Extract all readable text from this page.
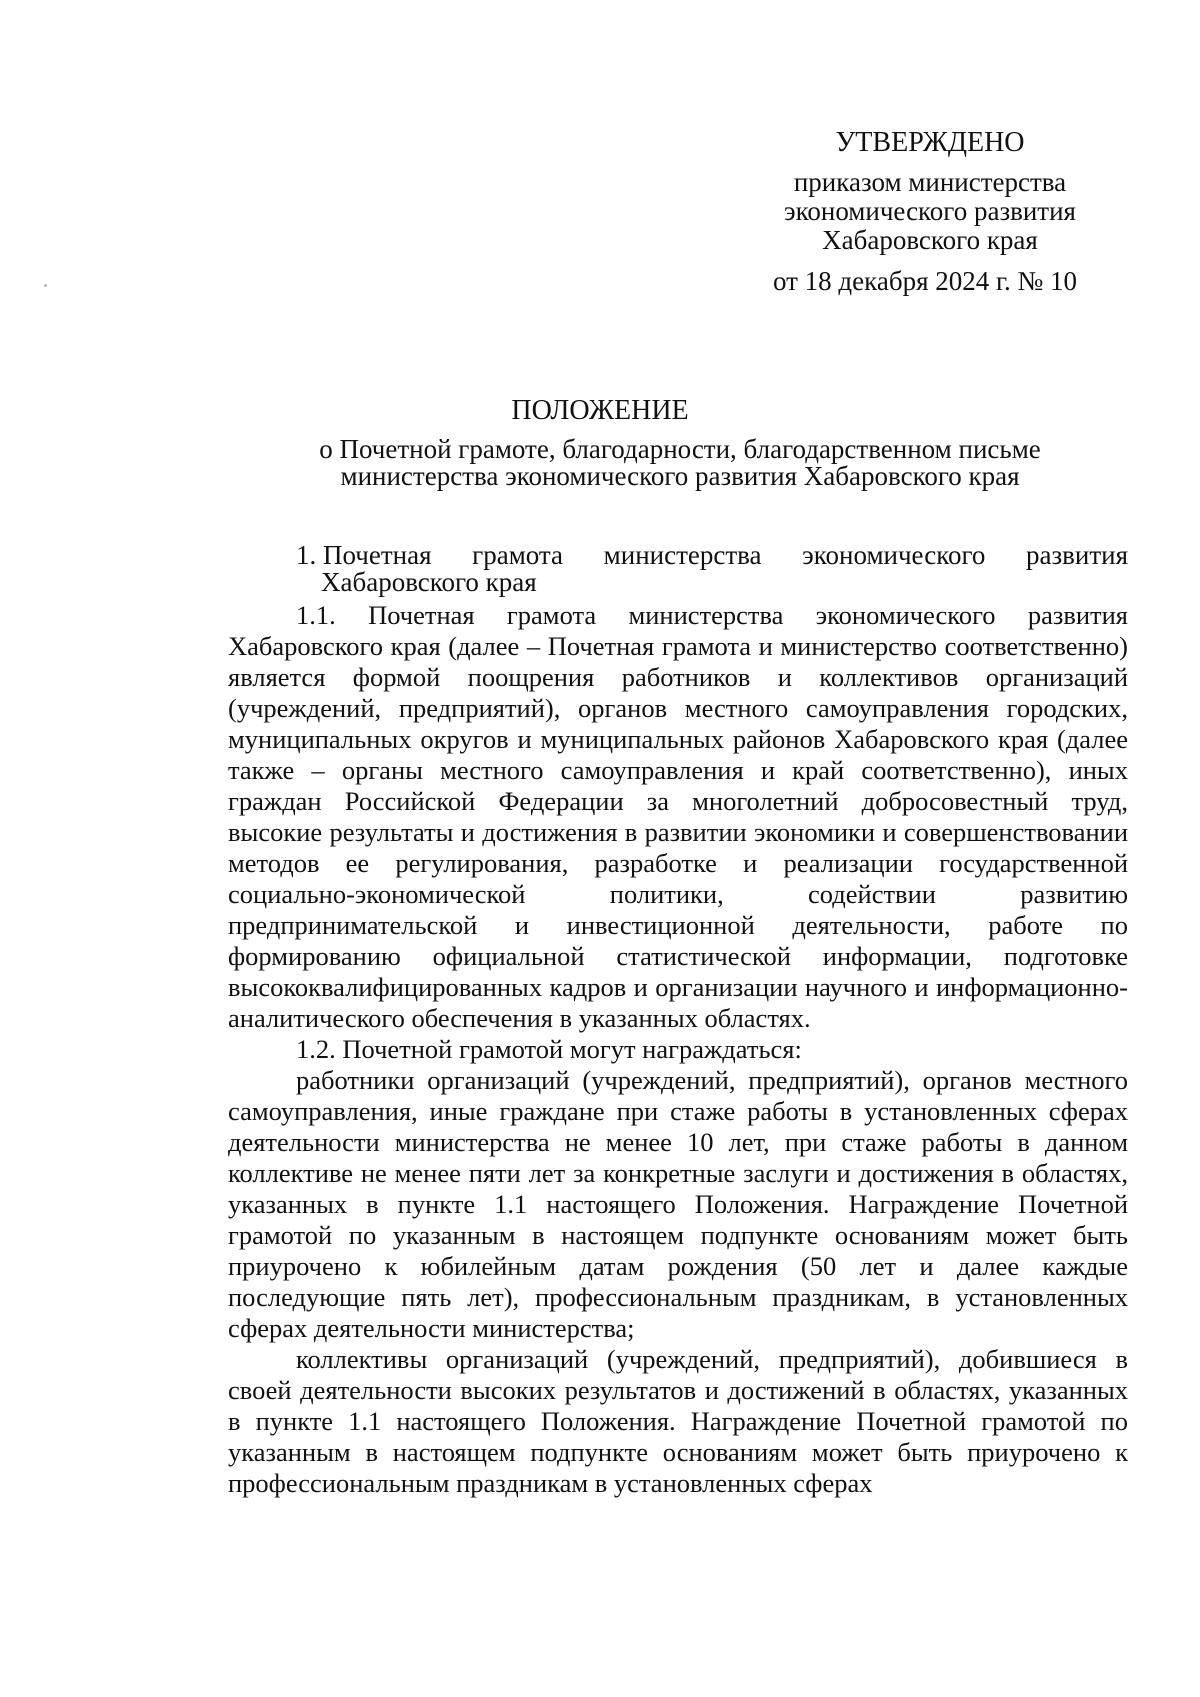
УТВЕРЖДЕНО
приказом министерства
экономического развития
Хабаровского края
от 18 декабря 2024 г. № 10
ПОЛОЖЕНИЕ
о Почетной грамоте, благодарности, благодарственном письме
министерства экономического развития Хабаровского края
1. Почетная грамота министерства экономического развития
Хабаровского края

1.1. Почетная грамота министерства экономического развития Хабаровского края (далее – Почетная грамота и министерство соответственно) является формой поощрения работников и коллективов организаций (учреждений, предприятий), органов местного самоуправления городских, муниципальных округов и муниципальных районов Хабаровского края (далее также – органы местного самоуправления и край соответственно), иных граждан Российской Федерации за многолетний добросовестный труд, высокие результаты и достижения в развитии экономики и совершенствовании методов ее регулирования, разработке и реализации государственной социально-экономической политики, содействии развитию предпринимательской и инвестиционной деятельности, работе по формированию официальной статистической информации, подготовке высококвалифицированных кадров и организации научного и информационно-аналитического обеспечения в указанных областях.

1.2. Почетной грамотой могут награждаться:

работники организаций (учреждений, предприятий), органов местного самоуправления, иные граждане при стаже работы в установленных сферах деятельности министерства не менее 10 лет, при стаже работы в данном коллективе не менее пяти лет за конкретные заслуги и достижения в областях, указанных в пункте 1.1 настоящего Положения. Награждение Почетной грамотой по указанным в настоящем подпункте основаниям может быть приурочено к юбилейным датам рождения (50 лет и далее каждые последующие пять лет), профессиональным праздникам, в установленных сферах деятельности министерства;

коллективы организаций (учреждений, предприятий), добившиеся в своей деятельности высоких результатов и достижений в областях, указанных в пункте 1.1 настоящего Положения. Награждение Почетной грамотой по указанным в настоящем подпункте основаниям может быть приурочено к профессиональным праздникам в установленных сферах
